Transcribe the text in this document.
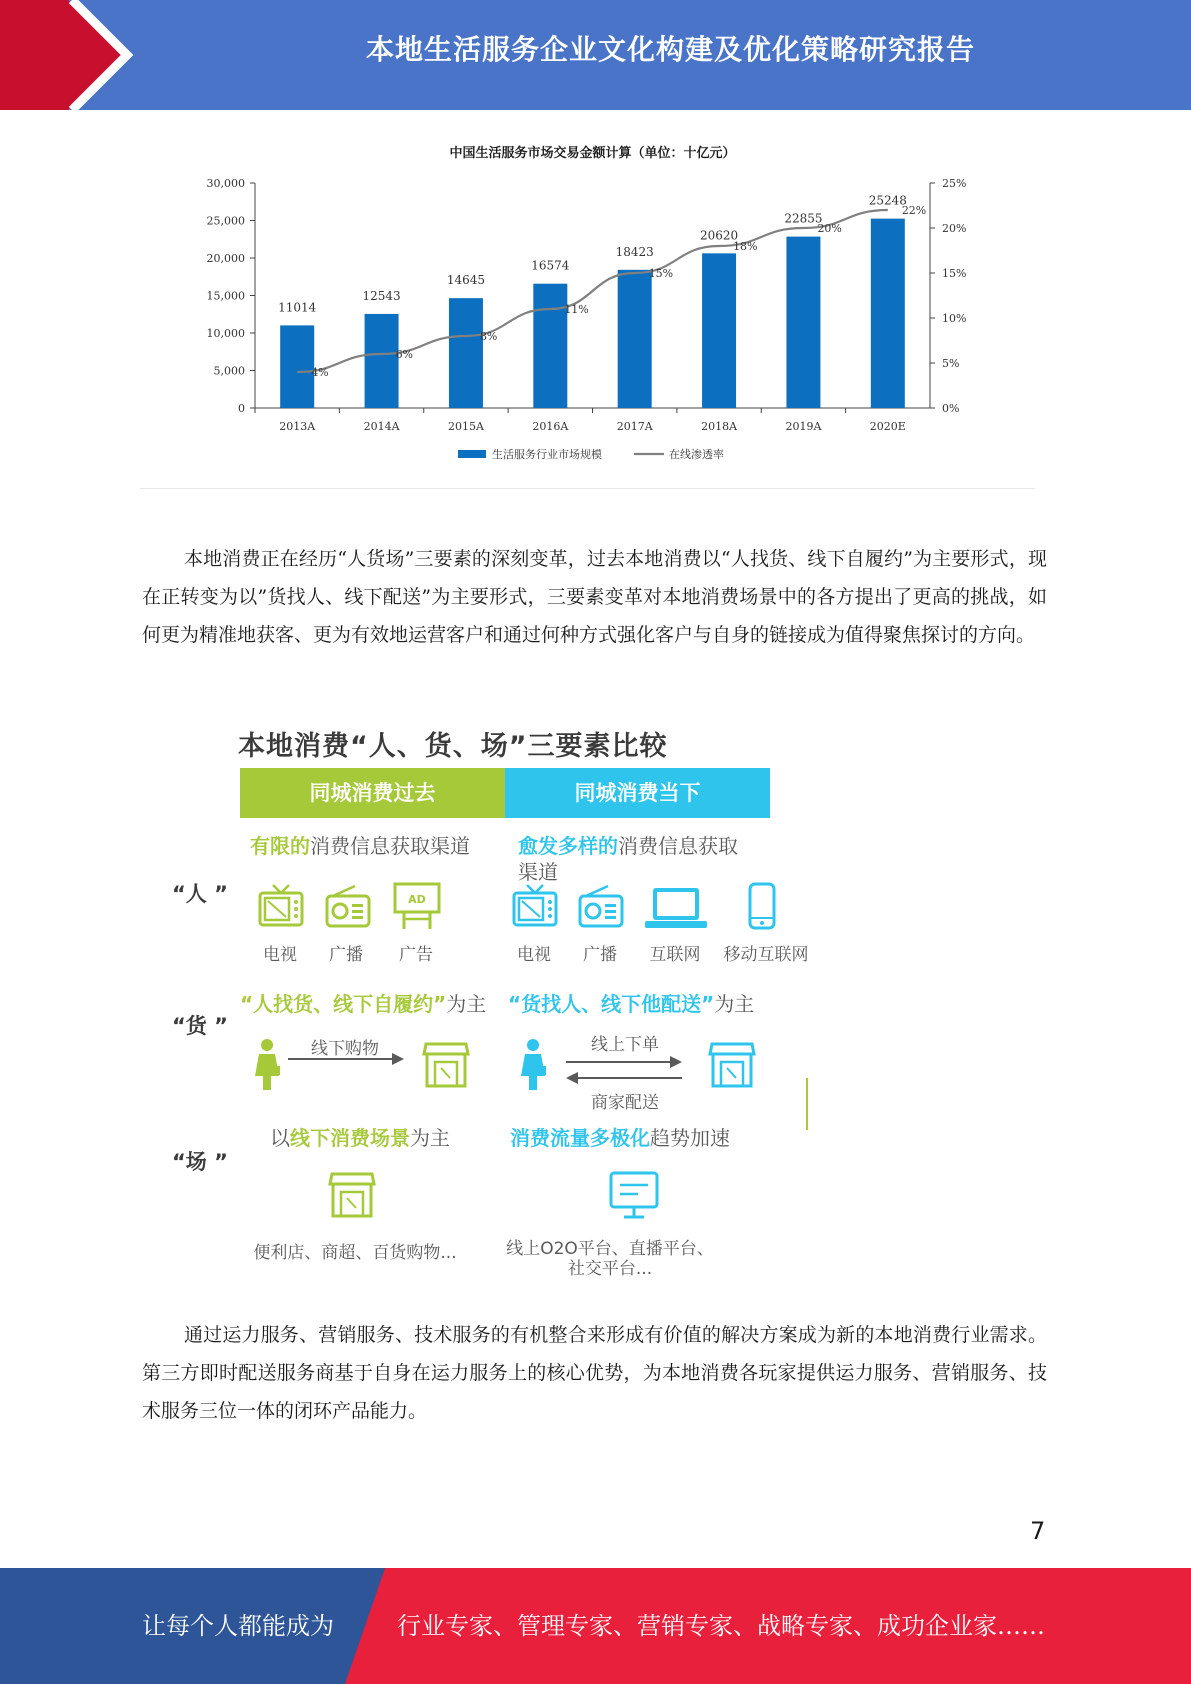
本地生活服务企业文化构建及优化策略研究报告
中国生活服务市场交易金额计算（单位：十亿元）
0
5,000
10,000
15,000
20,000
25,000
30,000
0%
5%
10%
15%
20%
25%
2013A
11014
2014A
12543
2015A
14645
2016A
16574
2017A
18423
2018A
20620
2019A
22855
2020E
25248
4%
6%
8%
11%
15%
18%
20%
22%
生活服务行业市场规模	在线渗透率

本地消费正在经历“人货场”三要素的深刻变革，过去本地消费以“人找货、线下自履约”为主要形式，现在正转变为以”货找人、线下配送”为主要形式，三要素变革对本地消费场景中的各方提出了更高的挑战，如何更为精准地获客、更为有效地运营客户和通过何种方式强化客户与自身的链接成为值得聚焦探讨的方向。

本地消费“人、货、场”三要素比较
同城消费过去	同城消费当下
“人 ”
有限的消费信息获取渠道 愈发多样的消费信息获取
渠道
AD
电视	广播	广告	电视	广播	互联网	移动互联网
“货 ”
“人找货、线下自履约”为主 “货找人、线下他配送”为主
线下购物	线上下单
商家配送
“场 ”
以线下消费场景为主	消费流量多极化趋势加速
便利店、商超、百货购物...	线上O2O平台、直播平台、
社交平台...

通过运力服务、营销服务、技术服务的有机整合来形成有价值的解决方案成为新的本地消费行业需求。第三方即时配送服务商基于自身在运力服务上的核心优势，为本地消费各玩家提供运力服务、营销服务、技术服务三位一体的闭环产品能力。

7
让每个人都能成为	行业专家、管理专家、营销专家、战略专家、成功企业家……
